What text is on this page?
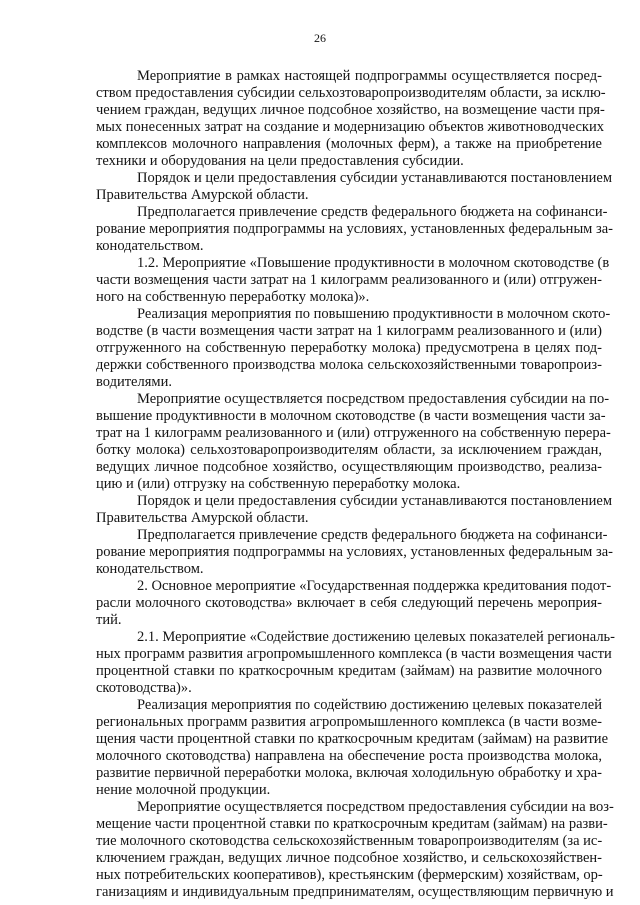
26
Мероприятие в рамках настоящей подпрограммы осуществляется посред-
ством предоставления субсидии сельхозтоваропроизводителям области, за исклю-
чением граждан, ведущих личное подсобное хозяйство, на возмещение части пря-
мых понесенных затрат на создание и модернизацию объектов животноводческих
комплексов молочного направления (молочных ферм), а также на приобретение
техники и оборудования на цели предоставления субсидии.
Порядок и цели предоставления субсидии устанавливаются постановлением
Правительства Амурской области.
Предполагается привлечение средств федерального бюджета на софинанси-
рование мероприятия подпрограммы на условиях, установленных федеральным за-
конодательством.
1.2. Мероприятие «Повышение продуктивности в молочном скотоводстве (в
части возмещения части затрат на 1 килограмм реализованного и (или) отгружен-
ного на собственную переработку молока)».
Реализация мероприятия по повышению продуктивности в молочном ското-
водстве (в части возмещения части затрат на 1 килограмм реализованного и (или)
отгруженного на собственную переработку молока) предусмотрена в целях под-
держки собственного производства молока сельскохозяйственными товаропроиз-
водителями.
Мероприятие осуществляется посредством предоставления субсидии на по-
вышение продуктивности в молочном скотоводстве (в части возмещения части за-
трат на 1 килограмм реализованного и (или) отгруженного на собственную перера-
ботку молока) сельхозтоваропроизводителям области, за исключением граждан,
ведущих личное подсобное хозяйство, осуществляющим производство, реализа-
цию и (или) отгрузку на собственную переработку молока.
Порядок и цели предоставления субсидии устанавливаются постановлением
Правительства Амурской области.
Предполагается привлечение средств федерального бюджета на софинанси-
рование мероприятия подпрограммы на условиях, установленных федеральным за-
конодательством.
2. Основное мероприятие «Государственная поддержка кредитования подот-
расли молочного скотоводства» включает в себя следующий перечень мероприя-
тий.
2.1. Мероприятие «Содействие достижению целевых показателей региональ-
ных программ развития агропромышленного комплекса (в части возмещения части
процентной ставки по краткосрочным кредитам (займам) на развитие молочного
скотоводства)».
Реализация мероприятия по содействию достижению целевых показателей
региональных программ развития агропромышленного комплекса (в части возме-
щения части процентной ставки по краткосрочным кредитам (займам) на развитие
молочного скотоводства) направлена на обеспечение роста производства молока,
развитие первичной переработки молока, включая холодильную обработку и хра-
нение молочной продукции.
Мероприятие осуществляется посредством предоставления субсидии на воз-
мещение части процентной ставки по краткосрочным кредитам (займам) на разви-
тие молочного скотоводства сельскохозяйственным товаропроизводителям (за ис-
ключением граждан, ведущих личное подсобное хозяйство, и сельскохозяйствен-
ных потребительских кооперативов), крестьянским (фермерским) хозяйствам, ор-
ганизациям и индивидуальным предпринимателям, осуществляющим первичную и
